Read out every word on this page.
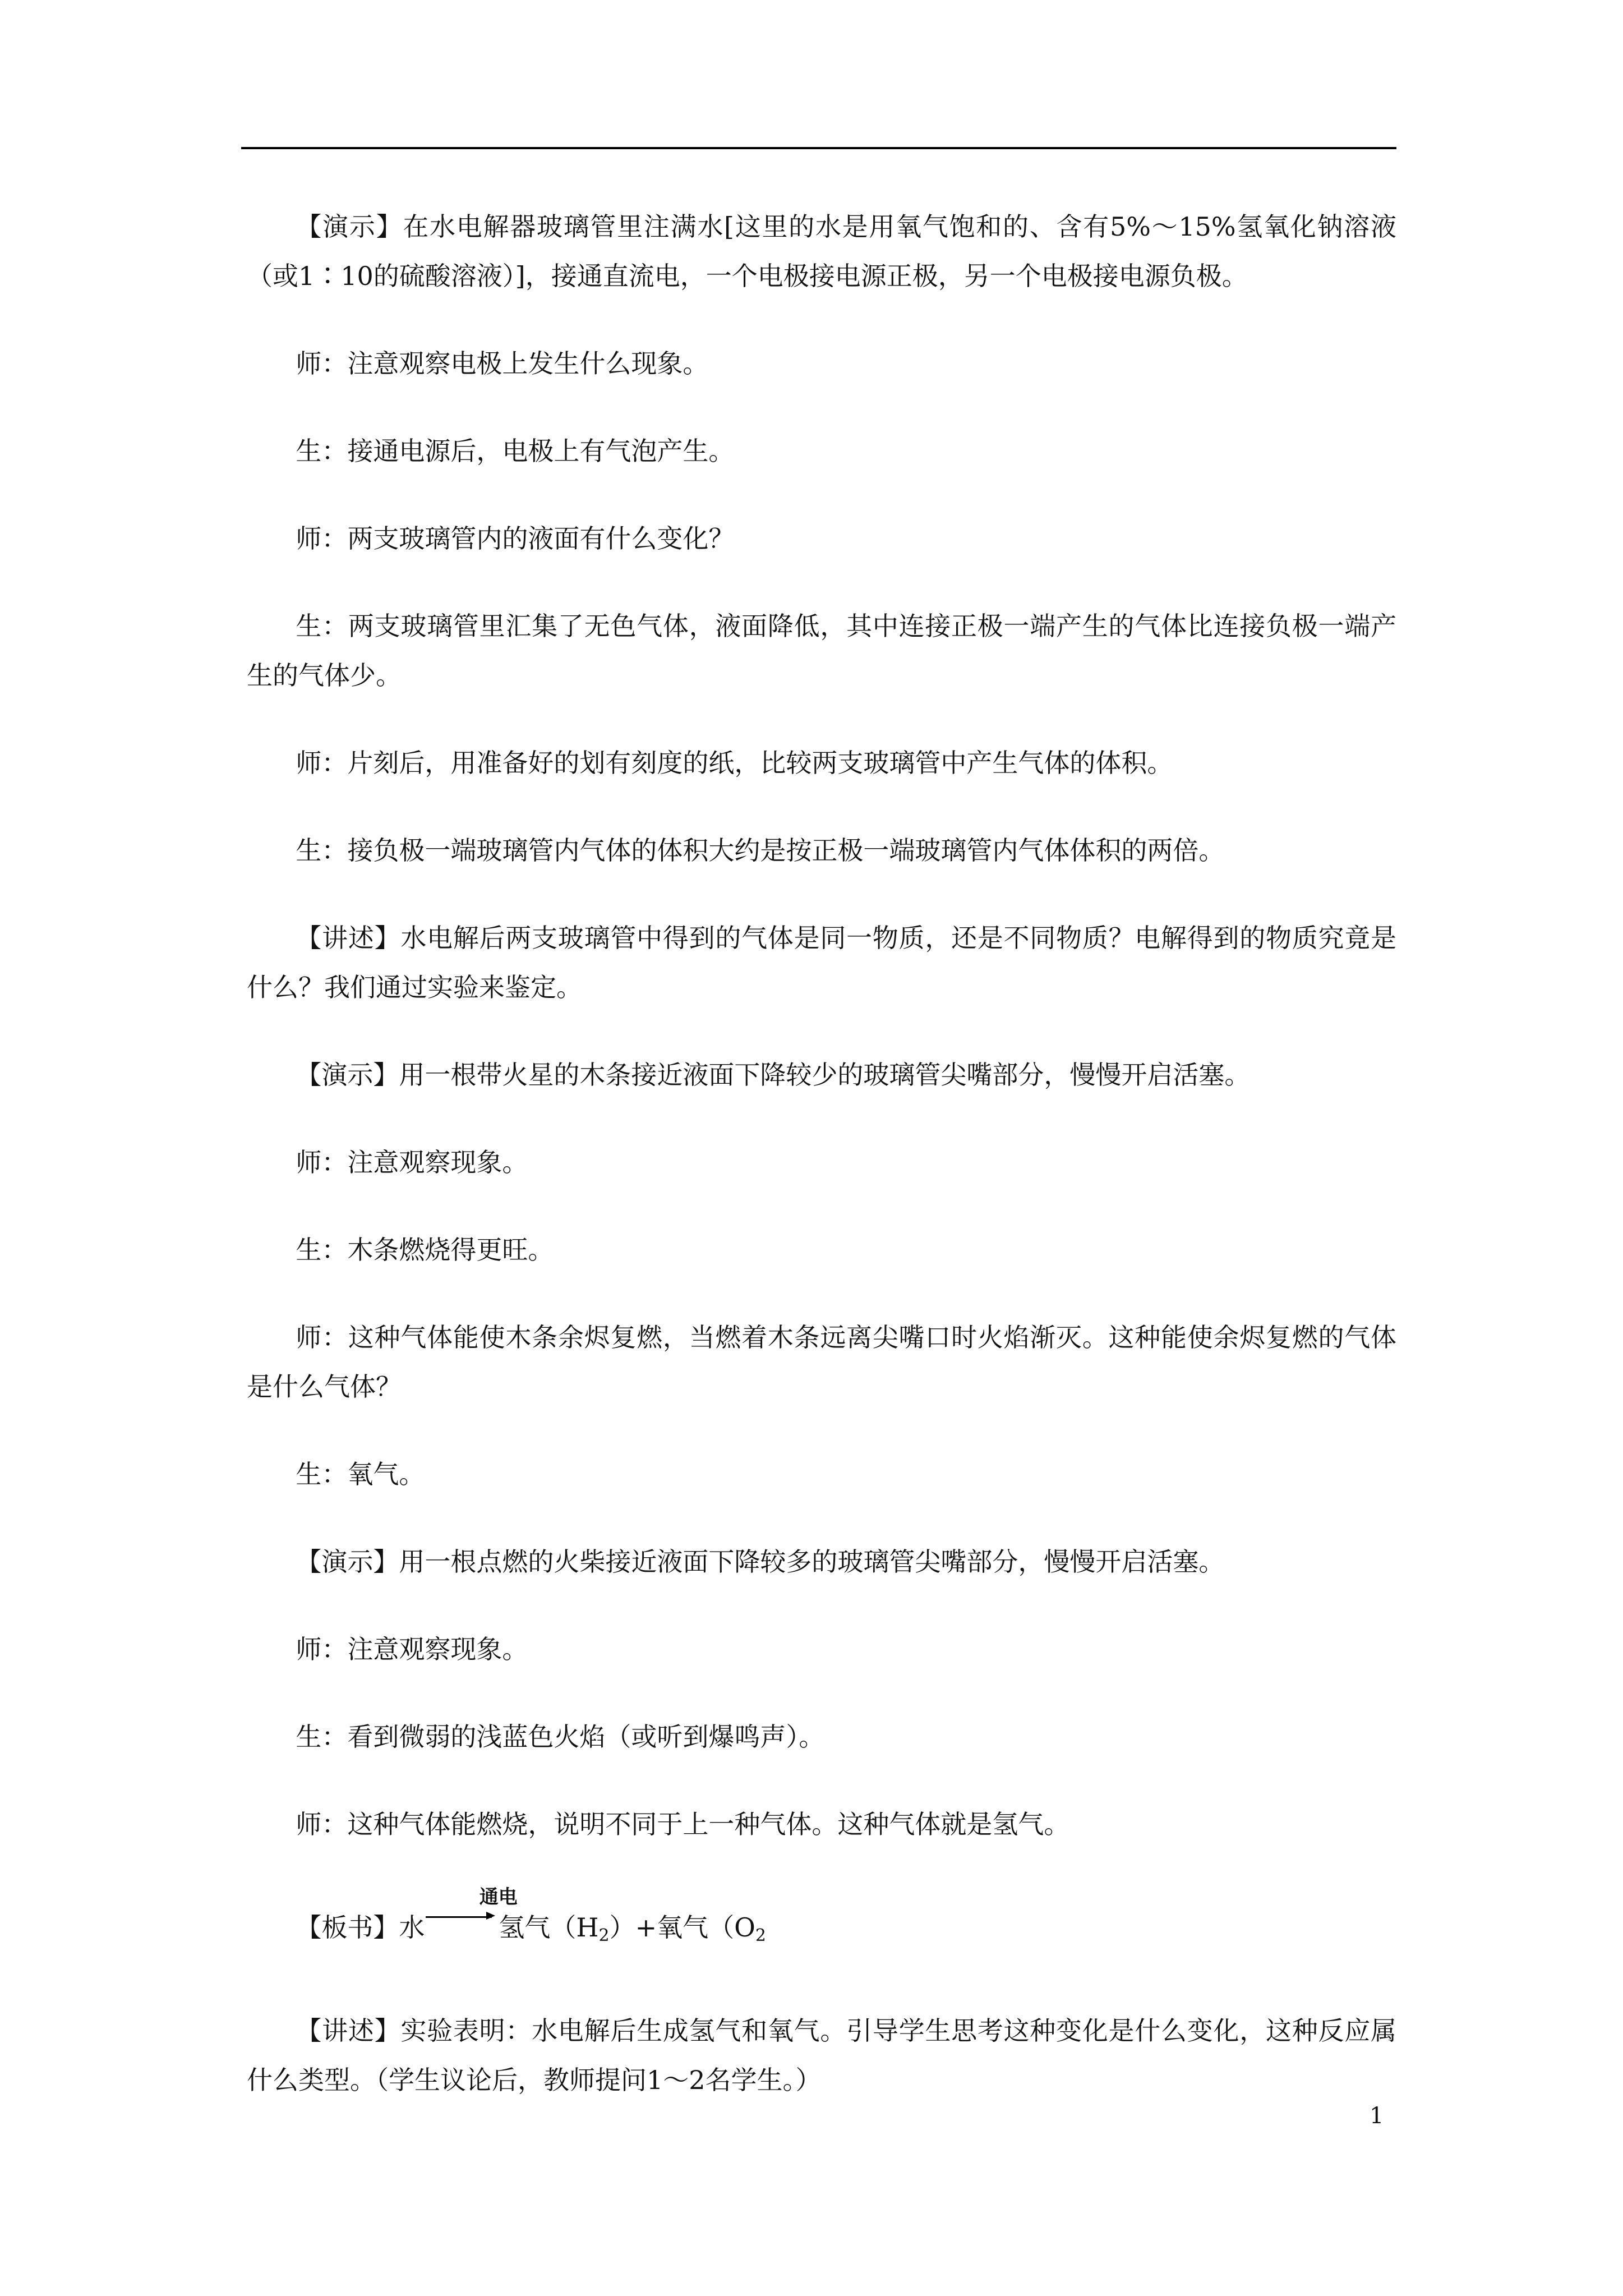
【演示】在水电解器玻璃管里注满水[这里的水是用氧气饱和的、含有5%～15%氢氧化钠溶液（或1∶10的硫酸溶液）]，接通直流电，一个电极接电源正极，另一个电极接电源负极。

师：注意观察电极上发生什么现象。

生：接通电源后，电极上有气泡产生。

师：两支玻璃管内的液面有什么变化？

生：两支玻璃管里汇集了无色气体，液面降低，其中连接正极一端产生的气体比连接负极一端产生的气体少。

师：片刻后，用准备好的划有刻度的纸，比较两支玻璃管中产生气体的体积。

生：接负极一端玻璃管内气体的体积大约是按正极一端玻璃管内气体体积的两倍。

【讲述】水电解后两支玻璃管中得到的气体是同一物质，还是不同物质？电解得到的物质究竟是什么？我们通过实验来鉴定。

【演示】用一根带火星的木条接近液面下降较少的玻璃管尖嘴部分，慢慢开启活塞。

师：注意观察现象。

生：木条燃烧得更旺。

师：这种气体能使木条余烬复燃，当燃着木条远离尖嘴口时火焰渐灭。这种能使余烬复燃的气体是什么气体？

生：氧气。

【演示】用一根点燃的火柴接近液面下降较多的玻璃管尖嘴部分，慢慢开启活塞。

师：注意观察现象。

生：看到微弱的浅蓝色火焰（或听到爆鸣声）。

师：这种气体能燃烧，说明不同于上一种气体。这种气体就是氢气。

【板书】水
通电
氢气$(H_2)+$氧气（$O_2$

【讲述】实验表明：水电解后生成氢气和氧气。引导学生思考这种变化是什么变化，这种反应属什么类型。（学生议论后，教师提问1～2名学生。）

1
